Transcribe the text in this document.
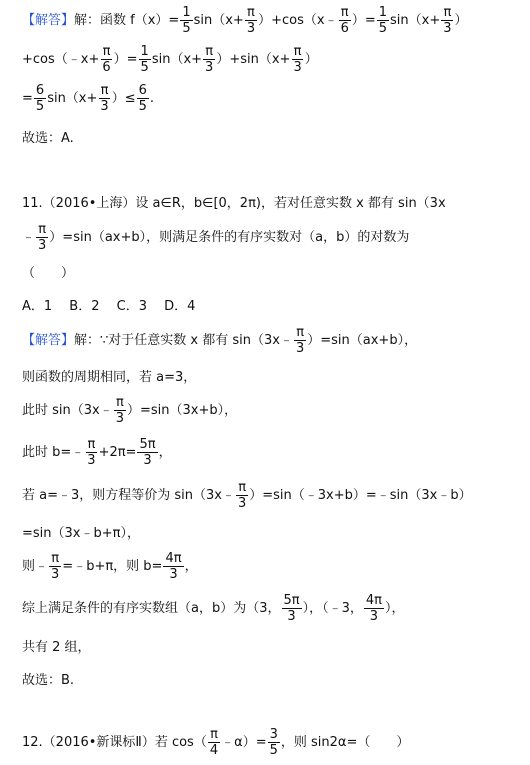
【解答】解：函数 $f(x)= \frac{1}{5} \sin(x+ \frac{\pi}{3}$ ）+cos（x﹣ $\frac{\pi}{6}$ ）= $\frac{1}{5} \sin(x+ \frac{\pi}{3}$ ）
+cos（﹣x+ $\frac{\pi}{6}$ ）= $\frac{1}{5} \sin(x+ \frac{\pi}{3} )+\sin(x+ \frac{\pi}{3}$ ）
= $\frac{6}{5} \sin(x+ \frac{\pi}{3}$ ）≤ $\frac{6}{5}$ .
故选：A.
11.（2016•上海）设 a∈R，b∈[0，2π)，若对任意实数 x 都有 sin（3x
﹣ $\frac{\pi}{3} )=\sin(ax+b)$，则满足条件的有序实数对（a，b）的对数为
（　　）
A．1　 B．2　 C．3　 D．4
【解答】解：∵对于任意实数 x 都有 sin（3x﹣ $\frac{\pi}{3} )=\sin(ax+b)$，
则函数的周期相同，若 a=3，
此时 sin（3x﹣ $\frac{\pi}{3} )=\sin(3x+b)$，
此时 b=﹣ $\frac{\pi}{3} +2\pi= \frac{5\pi}{3}$ ，
若 a=﹣3，则方程等价为 sin（3x﹣ $\frac{\pi}{3}$ ）=sin（﹣3x+b）=﹣sin（3x﹣b）
=sin（3x﹣b+π），
则﹣ $\frac{\pi}{3}$ =﹣b+π，则 $b= \frac{4\pi}{3}$ ，
综上满足条件的有序实数组（a，b）为（3， $\frac{5\pi}{3}$ ），（﹣3， $\frac{4\pi}{3}$ ），
共有 2 组，
故选：B.
12.（2016•新课标Ⅱ）若 $\cos( \frac{\pi}{4}$ ﹣α）= $\frac{3}{5}$ ，则 sin2α=（　　）
